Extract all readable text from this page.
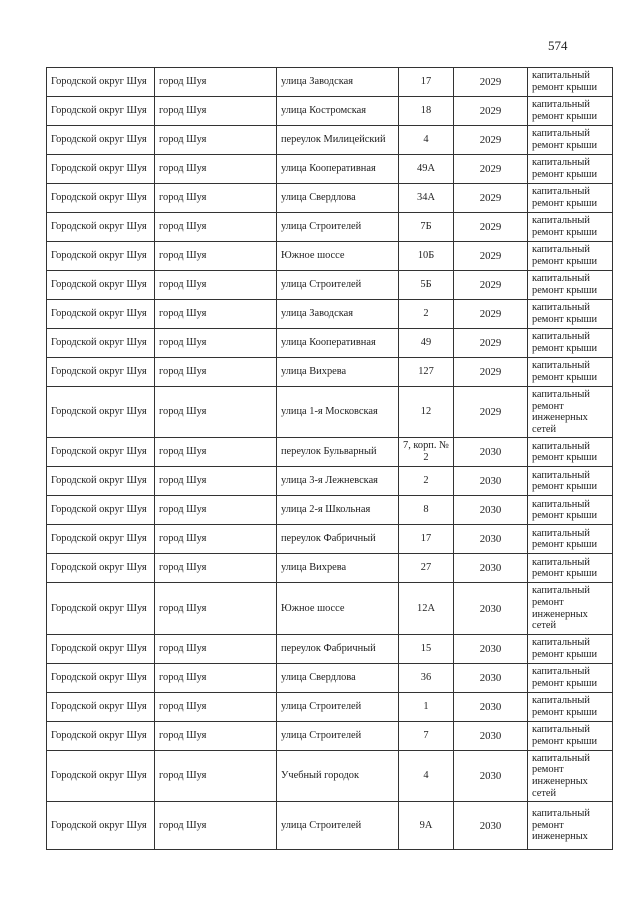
574
Городской округ Шуя	город Шуя	улица Заводская	17	2029	капитальный ремонт крыши
Городской округ Шуя	город Шуя	улица Костромская	18	2029	капитальный ремонт крыши
Городской округ Шуя	город Шуя	переулок Милицейский	4	2029	капитальный ремонт крыши
Городской округ Шуя	город Шуя	улица Кооперативная	49А	2029	капитальный ремонт крыши
Городской округ Шуя	город Шуя	улица Свердлова	34А	2029	капитальный ремонт крыши
Городской округ Шуя	город Шуя	улица Строителей	7Б	2029	капитальный ремонт крыши
Городской округ Шуя	город Шуя	Южное шоссе	10Б	2029	капитальный ремонт крыши
Городской округ Шуя	город Шуя	улица Строителей	5Б	2029	капитальный ремонт крыши
Городской округ Шуя	город Шуя	улица Заводская	2	2029	капитальный ремонт крыши
Городской округ Шуя	город Шуя	улица Кооперативная	49	2029	капитальный ремонт крыши
Городской округ Шуя	город Шуя	улица Вихрева	127	2029	капитальный ремонт крыши
Городской округ Шуя	город Шуя	улица 1-я Московская	12	2029	капитальный ремонт инженерных сетей
Городской округ Шуя	город Шуя	переулок Бульварный	7, корп. № 2	2030	капитальный ремонт крыши
Городской округ Шуя	город Шуя	улица 3-я Лежневская	2	2030	капитальный ремонт крыши
Городской округ Шуя	город Шуя	улица 2-я Школьная	8	2030	капитальный ремонт крыши
Городской округ Шуя	город Шуя	переулок Фабричный	17	2030	капитальный ремонт крыши
Городской округ Шуя	город Шуя	улица Вихрева	27	2030	капитальный ремонт крыши
Городской округ Шуя	город Шуя	Южное шоссе	12А	2030	капитальный ремонт инженерных сетей
Городской округ Шуя	город Шуя	переулок Фабричный	15	2030	капитальный ремонт крыши
Городской округ Шуя	город Шуя	улица Свердлова	36	2030	капитальный ремонт крыши
Городской округ Шуя	город Шуя	улица Строителей	1	2030	капитальный ремонт крыши
Городской округ Шуя	город Шуя	улица Строителей	7	2030	капитальный ремонт крыши
Городской округ Шуя	город Шуя	Учебный городок	4	2030	капитальный ремонт инженерных сетей
Городской округ Шуя	город Шуя	улица Строителей	9А	2030	капитальный ремонт инженерных
